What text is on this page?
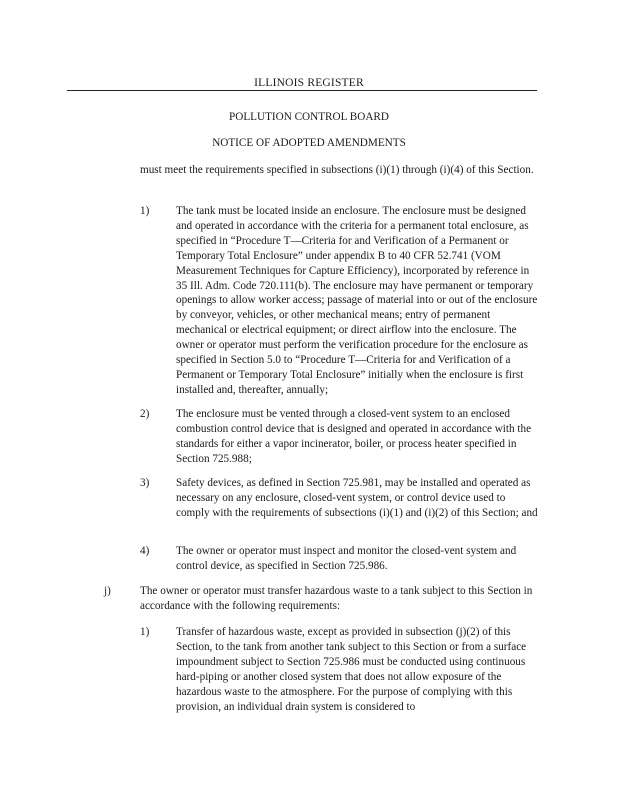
ILLINOIS REGISTER
POLLUTION CONTROL BOARD
NOTICE OF ADOPTED AMENDMENTS
must meet the requirements specified in subsections (i)(1) through (i)(4) of this Section.
1) The tank must be located inside an enclosure. The enclosure must be designed and operated in accordance with the criteria for a permanent total enclosure, as specified in “Procedure T—Criteria for and Verification of a Permanent or Temporary Total Enclosure” under appendix B to 40 CFR 52.741 (VOM Measurement Techniques for Capture Efficiency), incorporated by reference in 35 Ill. Adm. Code 720.111(b). The enclosure may have permanent or temporary openings to allow worker access; passage of material into or out of the enclosure by conveyor, vehicles, or other mechanical means; entry of permanent mechanical or electrical equipment; or direct airflow into the enclosure. The owner or operator must perform the verification procedure for the enclosure as specified in Section 5.0 to “Procedure T—Criteria for and Verification of a Permanent or Temporary Total Enclosure” initially when the enclosure is first installed and, thereafter, annually;
2) The enclosure must be vented through a closed-vent system to an enclosed combustion control device that is designed and operated in accordance with the standards for either a vapor incinerator, boiler, or process heater specified in Section 725.988;
3) Safety devices, as defined in Section 725.981, may be installed and operated as necessary on any enclosure, closed-vent system, or control device used to comply with the requirements of subsections (i)(1) and (i)(2) of this Section; and
4) The owner or operator must inspect and monitor the closed-vent system and control device, as specified in Section 725.986.
j)	The owner or operator must transfer hazardous waste to a tank subject to this Section in accordance with the following requirements:
1) Transfer of hazardous waste, except as provided in subsection (j)(2) of this Section, to the tank from another tank subject to this Section or from a surface impoundment subject to Section 725.986 must be conducted using continuous hard-piping or another closed system that does not allow exposure of the hazardous waste to the atmosphere. For the purpose of complying with this provision, an individual drain system is considered to
